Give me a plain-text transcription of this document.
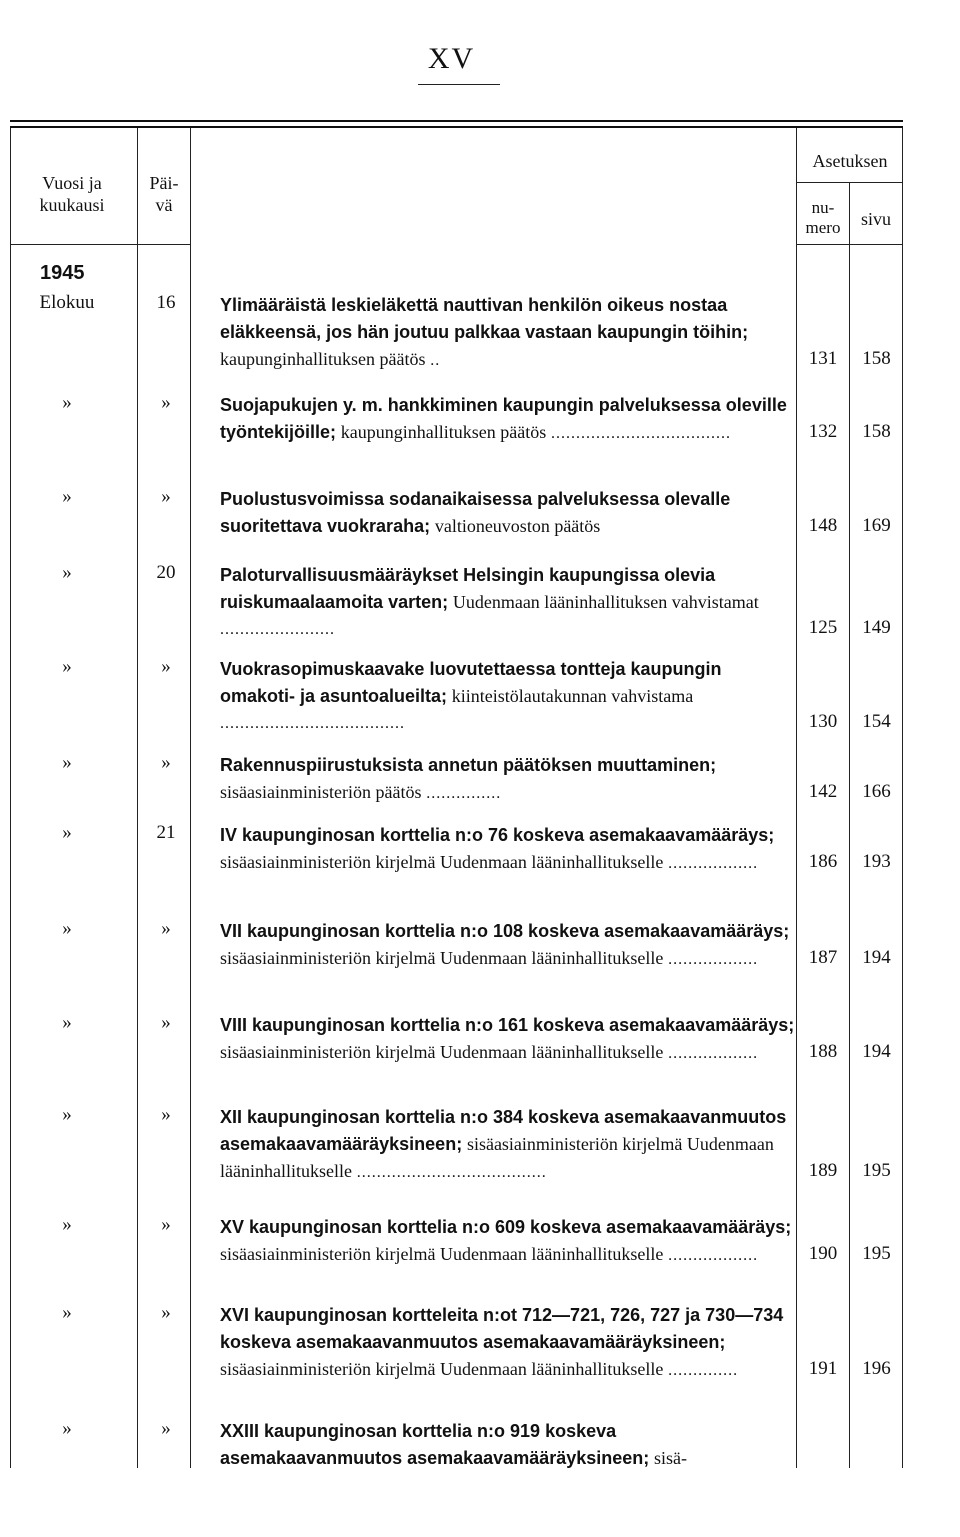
XV
Vuosi ja kuukausi
Päi- vä
Asetuksen
nu- mero	sivu
1945
Elokuu	16	Ylimääräistä leskieläkettä nauttivan henkilön oikeus nostaa eläkkeensä, jos hän joutuu palkkaa vastaan kaupungin töihin; kaupunginhallituksen päätös ..	131	158
»	»	Suojapukujen y. m. hankkiminen kaupungin palveluksessa oleville työntekijöille; kaupunginhallituksen päätös ....................................	132	158
»	»	Puolustusvoimissa sodanaikaisessa palveluksessa olevalle suoritettava vuokraraha; valtioneuvoston päätös	148	169
»	20	Paloturvallisuusmääräykset Helsingin kaupungissa olevia ruiskumaalaamoita varten; Uudenmaan lääninhallituksen vahvistamat .......................	125	149
»	»	Vuokrasopimuskaavake luovutettaessa tontteja kaupungin omakoti- ja asuntoalueilta; kiinteistölautakunnan vahvistama .....................................	130	154
»	»	Rakennuspiirustuksista annetun päätöksen muuttaminen; sisäasiainministeriön päätös ...............	142	166
»	21	IV kaupunginosan korttelia n:o 76 koskeva asemakaavamääräys; sisäasiainministeriön kirjelmä Uudenmaan lääninhallitukselle ..................	186	193
»	»	VII kaupunginosan korttelia n:o 108 koskeva asemakaavamääräys; sisäasiainministeriön kirjelmä Uudenmaan lääninhallitukselle ..................	187	194
»	»	VIII kaupunginosan korttelia n:o 161 koskeva asemakaavamääräys; sisäasiainministeriön kirjelmä Uudenmaan lääninhallitukselle ..................	188	194
»	»	XII kaupunginosan korttelia n:o 384 koskeva asemakaavanmuutos asemakaavamääräyksineen; sisäasiainministeriön kirjelmä Uudenmaan lääninhallitukselle ......................................	189	195
»	»	XV kaupunginosan korttelia n:o 609 koskeva asemakaavamääräys; sisäasiainministeriön kirjelmä Uudenmaan lääninhallitukselle ..................	190	195
»	»	XVI kaupunginosan kortteleita n:ot 712—721, 726, 727 ja 730—734 koskeva asemakaavanmuutos asemakaavamääräyksineen; sisäasiainministeriön kirjelmä Uudenmaan lääninhallitukselle ..............	191	196
»	»	XXIII kaupunginosan korttelia n:o 919 koskeva asemakaavanmuutos asemakaavamääräyksineen; sisä-
